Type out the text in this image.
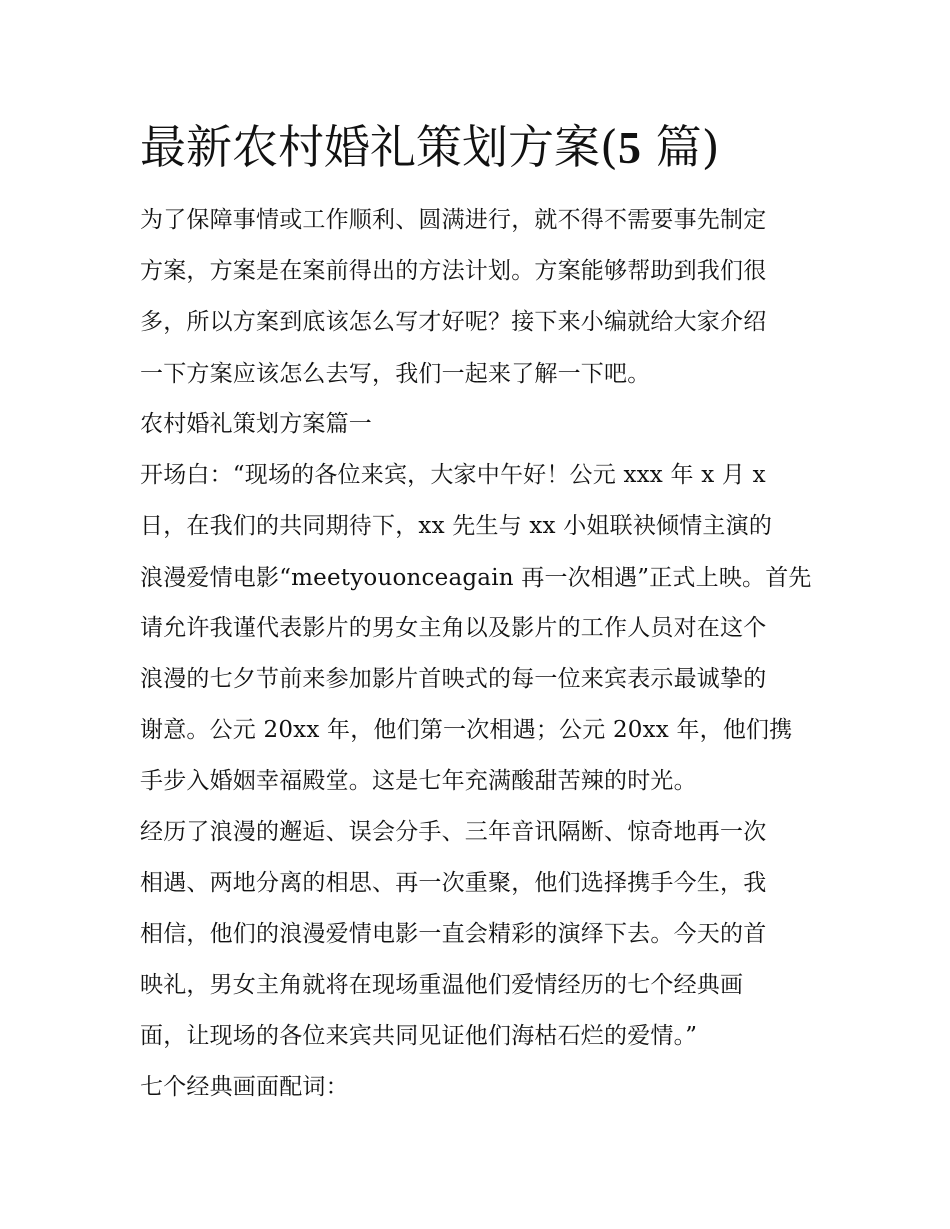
最新农村婚礼策划方案(5 篇)

为了保障事情或工作顺利、圆满进行，就不得不需要事先制定

方案，方案是在案前得出的方法计划。方案能够帮助到我们很

多，所以方案到底该怎么写才好呢？接下来小编就给大家介绍

一下方案应该怎么去写，我们一起来了解一下吧。

农村婚礼策划方案篇一

开场白：“现场的各位来宾，大家中午好！公元 xxx 年 x 月 x

日，在我们的共同期待下，xx 先生与 xx 小姐联袂倾情主演的

浪漫爱情电影“meetyouonceagain 再一次相遇”正式上映。首先

请允许我谨代表影片的男女主角以及影片的工作人员对在这个

浪漫的七夕节前来参加影片首映式的每一位来宾表示最诚挚的

谢意。公元 20xx 年，他们第一次相遇；公元 20xx 年，他们携

手步入婚姻幸福殿堂。这是七年充满酸甜苦辣的时光。

经历了浪漫的邂逅、误会分手、三年音讯隔断、惊奇地再一次

相遇、两地分离的相思、再一次重聚，他们选择携手今生，我

相信，他们的浪漫爱情电影一直会精彩的演绎下去。今天的首

映礼，男女主角就将在现场重温他们爱情经历的七个经典画

面，让现场的各位来宾共同见证他们海枯石烂的爱情。”

七个经典画面配词：
